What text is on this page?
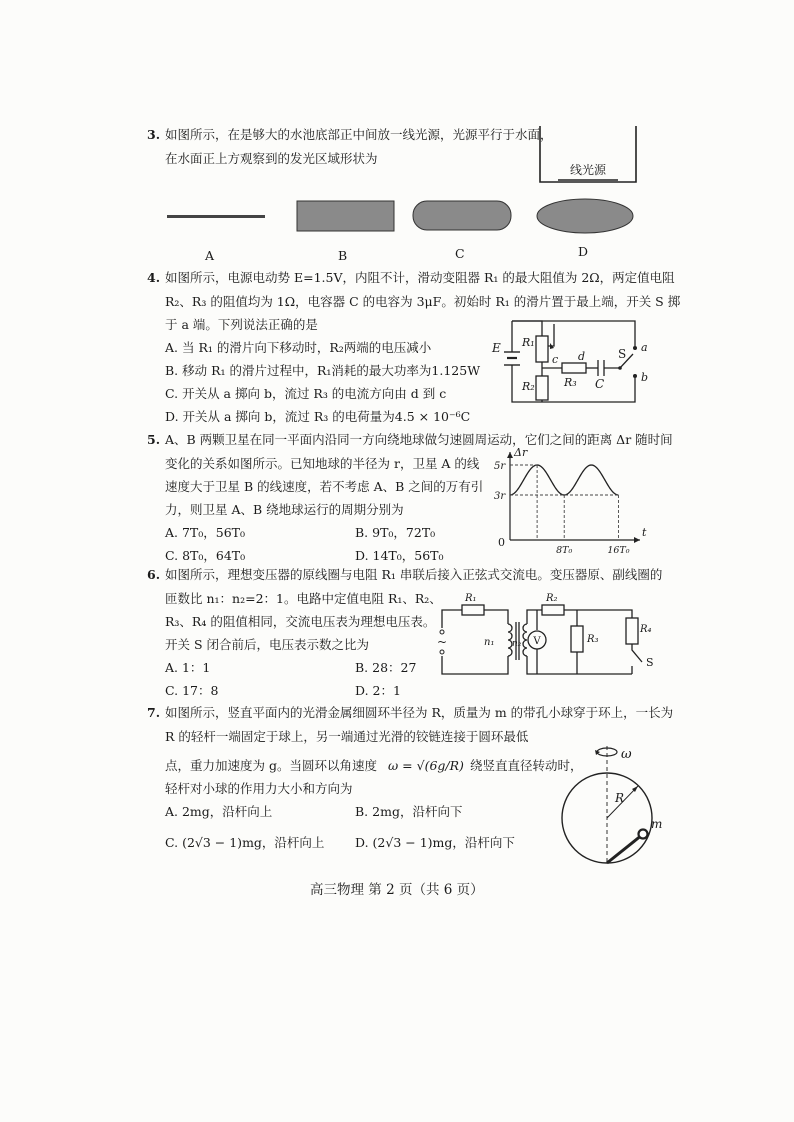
3. 如图所示，在是够大的水池底部正中间放一线光源，光源平行于水面，
在水面正上方观察到的发光区域形状为
线光源
A	B	C	D
4. 如图所示，电源电动势 E=1.5V，内阻不计，滑动变阻器 R₁ 的最大阻值为 2Ω，两定值电阻
R₂、R₃ 的阻值均为 1Ω，电容器 C 的电容为 3μF。初始时 R₁ 的滑片置于最上端，开关 S 掷
于 a 端。下列说法正确的是
A. 当 R₁ 的滑片向下移动时，R₂两端的电压减小
B. 移动 R₁ 的滑片过程中，R₁消耗的最大功率为1.125W
C. 开关从 a 掷向 b，流过 R₃ 的电流方向由 d 到 c
D. 开关从 a 掷向 b，流过 R₃ 的电荷量为4.5 × 10⁻⁶C
E R₁
R₂	R₃ C
S a
b
c d
5. A、B 两颗卫星在同一平面内沿同一方向绕地球做匀速圆周运动，它们之间的距离 Δr 随时间
变化的关系如图所示。已知地球的半径为 r，卫星 A 的线
速度大于卫星 B 的线速度，若不考虑 A、B 之间的万有引
力，则卫星 A、B 绕地球运行的周期分别为
A. 7T₀，56T₀	B. 9T₀，72T₀
C. 8T₀，64T₀	D. 14T₀，56T₀
5r
3r
8T₀	16T₀
Δr
t
0
6. 如图所示，理想变压器的原线圈与电阻 R₁ 串联后接入正弦式交流电。变压器原、副线圈的
匝数比 n₁：n₂=2：1。电路中定值电阻 R₁、R₂、
R₃、R₄ 的阻值相同，交流电压表为理想电压表。
开关 S 闭合前后，电压表示数之比为
A. 1：1	B. 28：27
C. 17：8	D. 2：1
~
R₁	R₂
R₃
R₄
n₁ n₂ V
S
7. 如图所示，竖直平面内的光滑金属细圆环半径为 R，质量为 m 的带孔小球穿于环上，一长为
R 的轻杆一端固定于球上，另一端通过光滑的铰链连接于圆环最低
点，重力加速度为 g。当圆环以角速度 ω = √(6g/R) 绕竖直直径转动时，
轻杆对小球的作用力大小和方向为
A. 2mg，沿杆向上	B. 2mg，沿杆向下
C. (2√3 − 1)mg，沿杆向上 D. (2√3 − 1)mg，沿杆向下
ω
R
m
高三物理 第 2 页（共 6 页）
